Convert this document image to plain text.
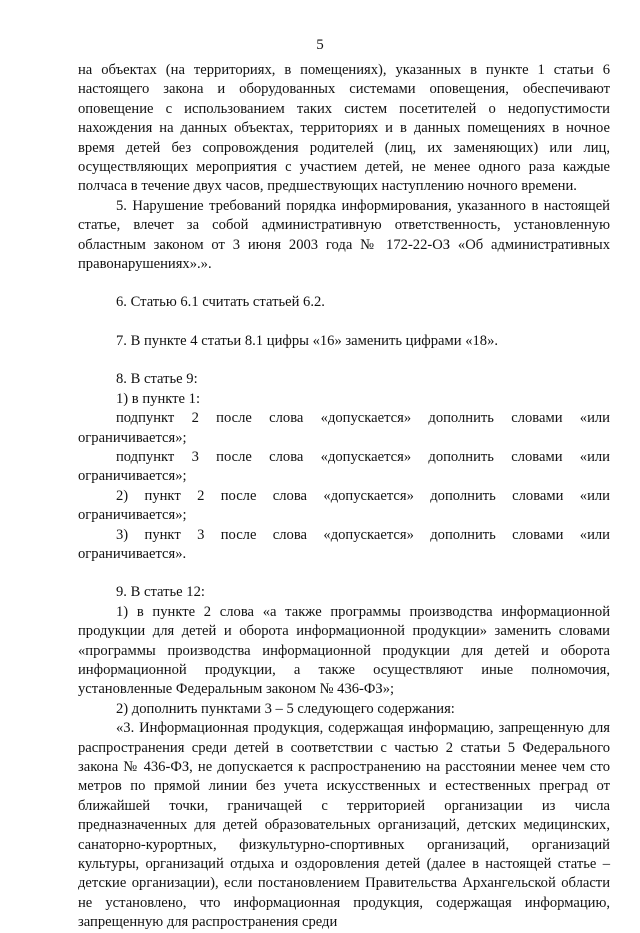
5

на объектах (на территориях, в помещениях), указанных в пункте 1 статьи 6 настоящего закона и оборудованных системами оповещения, обеспечивают оповещение с использованием таких систем посетителей о недопустимости нахождения на данных объектах, территориях и в данных помещениях в ночное время детей без сопровождения родителей (лиц, их заменяющих) или лиц, осуществляющих мероприятия с участием детей, не менее одного раза каждые полчаса в течение двух часов, предшествующих наступлению ночного времени.

5. Нарушение требований порядка информирования, указанного в настоящей статье, влечет за собой административную ответственность, установленную областным законом от 3 июня 2003 года № 172-22-ОЗ «Об административных правонарушениях».».

6. Статью 6.1 считать статьей 6.2.

7. В пункте 4 статьи 8.1 цифры «16» заменить цифрами «18».

8. В статье 9:

1) в пункте 1:

подпункт 2 после слова «допускается» дополнить словами «или ограничивается»;

подпункт 3 после слова «допускается» дополнить словами «или ограничивается»;

2) пункт 2 после слова «допускается» дополнить словами «или ограничивается»;

3) пункт 3 после слова «допускается» дополнить словами «или ограничивается».

9. В статье 12:

1) в пункте 2 слова «а также программы производства информационной продукции для детей и оборота информационной продукции» заменить словами «программы производства информационной продукции для детей и оборота информационной продукции, а также осуществляют иные полномочия, установленные Федеральным законом № 436-ФЗ»;

2) дополнить пунктами 3 – 5 следующего содержания:

«3. Информационная продукция, содержащая информацию, запрещенную для распространения среди детей в соответствии с частью 2 статьи 5 Федерального закона № 436-ФЗ, не допускается к распространению на расстоянии менее чем сто метров по прямой линии без учета искусственных и естественных преград от ближайшей точки, граничащей с территорией организации из числа предназначенных для детей образовательных организаций, детских медицинских, санаторно-курортных, физкультурно-спортивных организаций, организаций культуры, организаций отдыха и оздоровления детей (далее в настоящей статье – детские организации), если постановлением Правительства Архангельской области не установлено, что информационная продукция, содержащая информацию, запрещенную для распространения среди
